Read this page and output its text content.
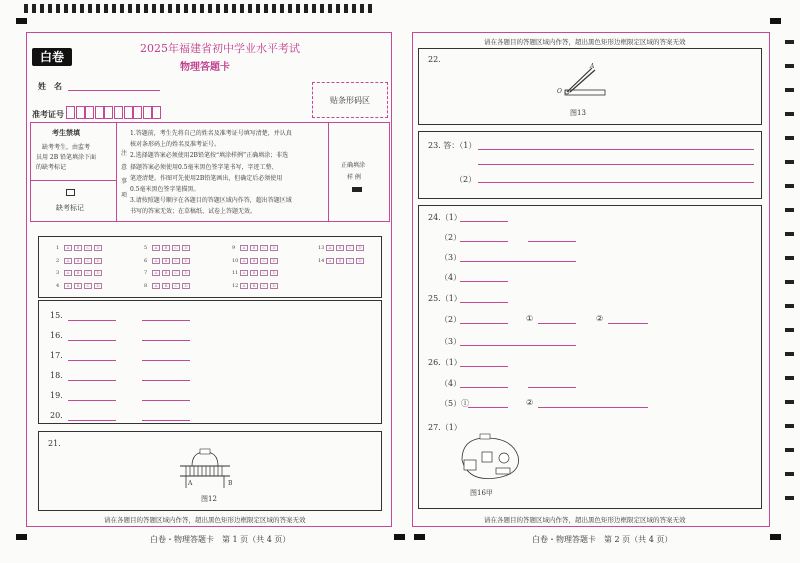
白卷
2025年福建省初中学业水平考试
物理答题卡
姓　名
贴条形码区
准考证号
考生禁填
缺考考生，由监考
员用 2B 铅笔填涂下面
的缺考标记
缺考标记
注
意
事
项
1.答题前，考生先将自己的姓名及准考证号填写清楚，并认真
核对条形码上的姓名及准考证号。
2.选择题答案必须使用2B铅笔按“填涂样例”正确填涂；非选
择题答案必须使用0.5毫米黑色签字笔书写，字迹工整、
笔迹清楚。作图可先使用2B铅笔画出，但确定后必须使用
0.5毫米黑色签字笔描黑。
3.请按照题号顺序在各题目的答题区域内作答，超出答题区域
书写的答案无效；在草稿纸、试卷上答题无效。
正确填涂
样 例
1 A B C D
2 A B C D
3 A B C D
4 A B C D
5 A B C D
6 A B C D
7 A B C D
8 A B C D
9 A B C D
10 A B C D
11 A B C D
12 A B C D
13 A B C D
14 A B C D
15.
16.
17.
18.
19.
20.
21.
A	B
图12
请在各题目的答题区域内作答，超出黑色矩形边框限定区域的答案无效
白卷・物理答题卡　第 1 页（共 4 页）
请在各题目的答题区域内作答，超出黑色矩形边框限定区域的答案无效
22.
A
O
图13
23. 答：（1）
（2）
24.（1）
（2）
（3）
（4）
25.（1）
（2）	①	②
（3）
26.（1）
（4）
（5）①	②
27.（1）
图16甲
请在各题目的答题区域内作答，超出黑色矩形边框限定区域的答案无效
白卷・物理答题卡　第 2 页（共 4 页）
